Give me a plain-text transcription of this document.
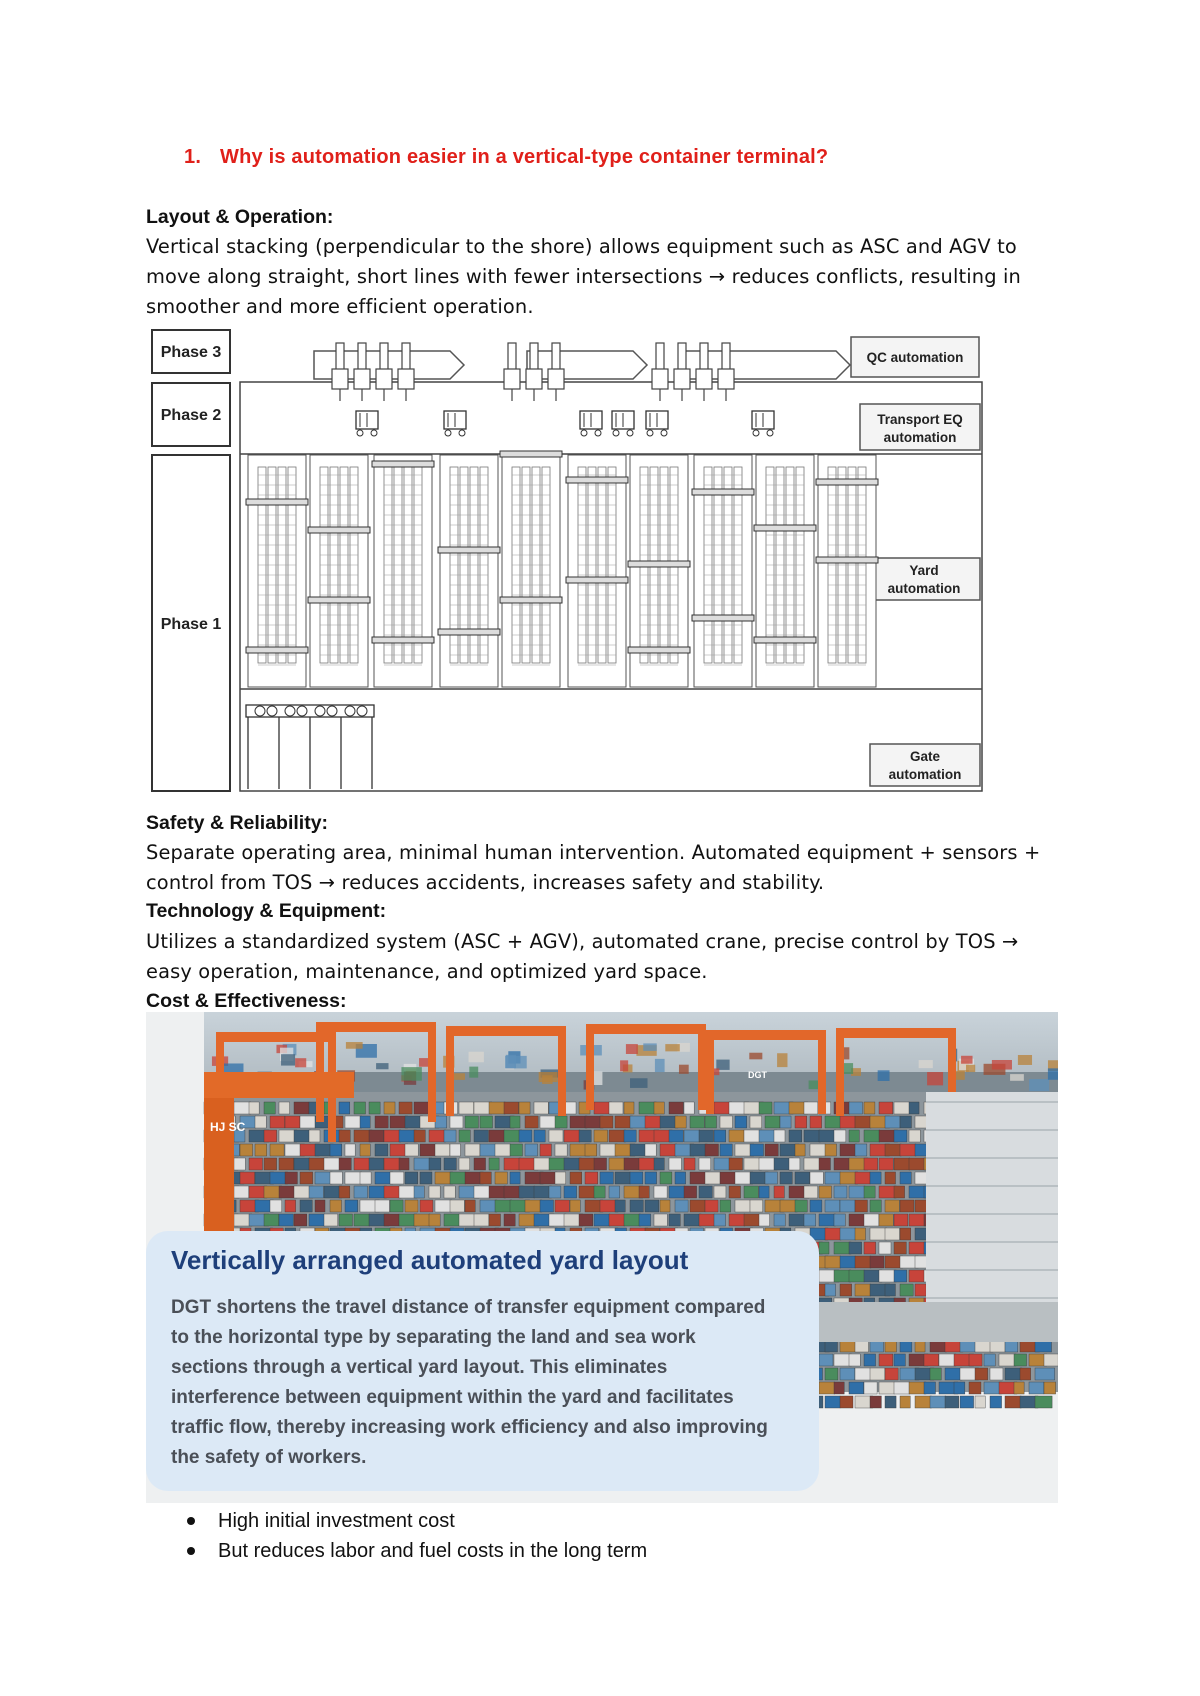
1. Why is automation easier in a vertical-type container terminal?
Layout & Operation:
Vertical stacking (perpendicular to the shore) allows equipment such as ASC and AGV to move along straight, short lines with fewer intersections → reduces conflicts, resulting in smoother and more efficient operation.
Phase 3
Phase 2
Phase 1
QC automation
Transport EQ
automation
Yard
automation
Gate
automation
Safety & Reliability:
Separate operating area, minimal human intervention. Automated equipment + sensors + control from TOS → reduces accidents, increases safety and stability.
Technology & Equipment:
Utilizes a standardized system (ASC + AGV), automated crane, precise control by TOS → easy operation, maintenance, and optimized yard space.
Cost & Effectiveness:
HJ SC
DGT
Vertically arranged automated yard layout
DGT shortens the travel distance of transfer equipment compared
to the horizontal type by separating the land and sea work
sections through a vertical yard layout. This eliminates
interference between equipment within the yard and facilitates
traffic flow, thereby increasing work efficiency and also improving
the safety of workers.
High initial investment cost
But reduces labor and fuel costs in the long term
